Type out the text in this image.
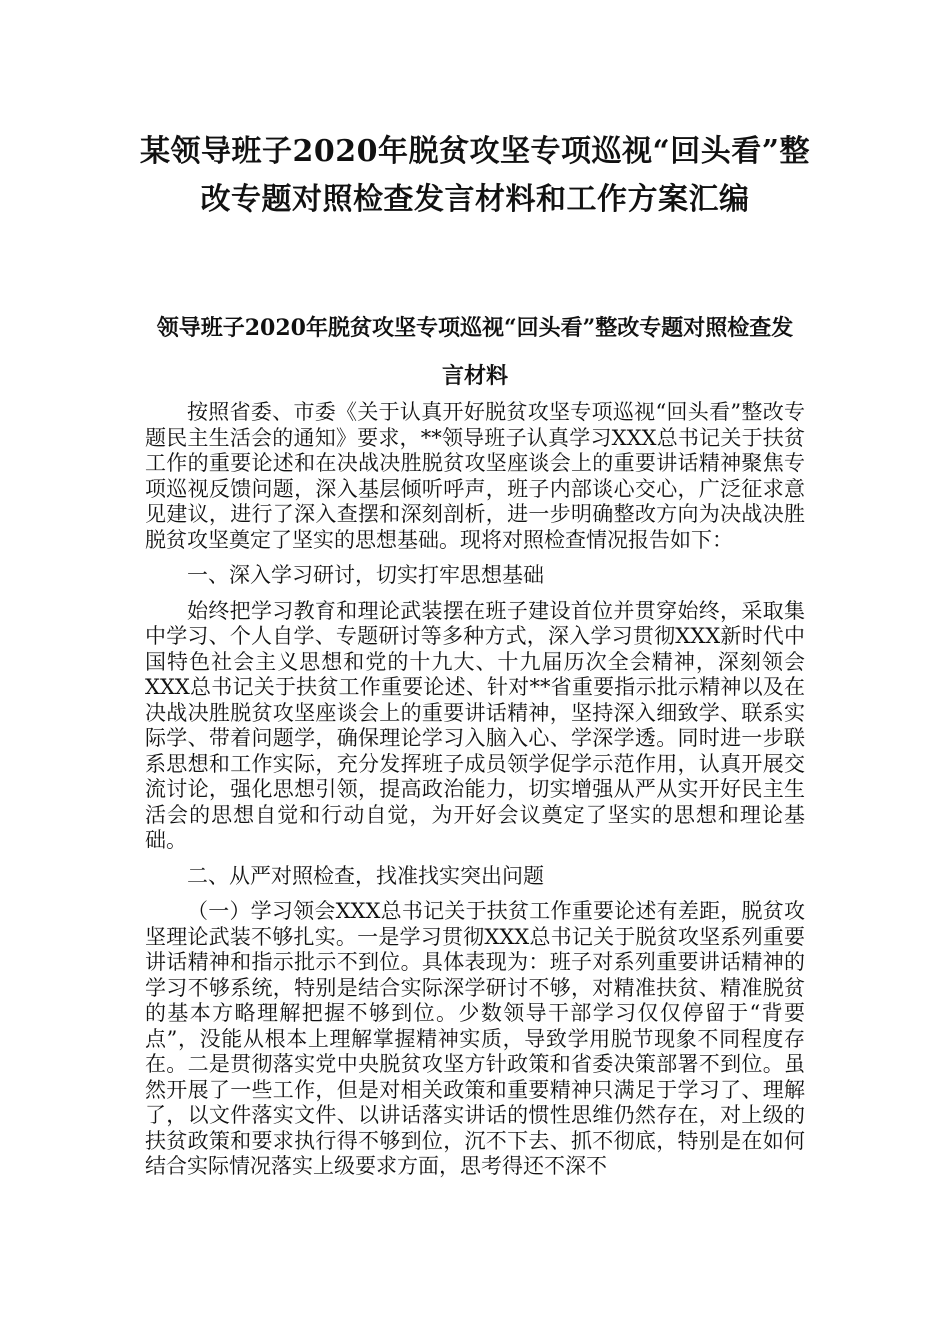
某领导班子2020年脱贫攻坚专项巡视“回头看”整
改专题对照检查发言材料和工作方案汇编
领导班子2020年脱贫攻坚专项巡视“回头看”整改专题对照检查发
言材料

按照省委、市委《关于认真开好脱贫攻坚专项巡视“回头看”整改专题民主生活会的通知》要求，**领导班子认真学习XXX总书记关于扶贫工作的重要论述和在决战决胜脱贫攻坚座谈会上的重要讲话精神聚焦专项巡视反馈问题，深入基层倾听呼声，班子内部谈心交心，广泛征求意见建议，进行了深入查摆和深刻剖析，进一步明确整改方向为决战决胜脱贫攻坚奠定了坚实的思想基础。现将对照检查情况报告如下：

一、深入学习研讨，切实打牢思想基础

始终把学习教育和理论武装摆在班子建设首位并贯穿始终，采取集中学习、个人自学、专题研讨等多种方式，深入学习贯彻XXX新时代中国特色社会主义思想和党的十九大、十九届历次全会精神，深刻领会XXX总书记关于扶贫工作重要论述、针对**省重要指示批示精神以及在决战决胜脱贫攻坚座谈会上的重要讲话精神，坚持深入细致学、联系实际学、带着问题学，确保理论学习入脑入心、学深学透。同时进一步联系思想和工作实际，充分发挥班子成员领学促学示范作用，认真开展交流讨论，强化思想引领，提高政治能力，切实增强从严从实开好民主生活会的思想自觉和行动自觉，为开好会议奠定了坚实的思想和理论基础。

二、从严对照检查，找准找实突出问题

（一）学习领会XXX总书记关于扶贫工作重要论述有差距，脱贫攻坚理论武装不够扎实。一是学习贯彻XXX总书记关于脱贫攻坚系列重要讲话精神和指示批示不到位。具体表现为：班子对系列重要讲话精神的学习不够系统，特别是结合实际深学研讨不够，对精准扶贫、精准脱贫的基本方略理解把握不够到位。少数领导干部学习仅仅停留于“背要点”，没能从根本上理解掌握精神实质，导致学用脱节现象不同程度存在。二是贯彻落实党中央脱贫攻坚方针政策和省委决策部署不到位。虽然开展了一些工作，但是对相关政策和重要精神只满足于学习了、理解了，以文件落实文件、以讲话落实讲话的惯性思维仍然存在，对上级的扶贫政策和要求执行得不够到位，沉不下去、抓不彻底，特别是在如何结合实际情况落实上级要求方面，思考得还不深不
